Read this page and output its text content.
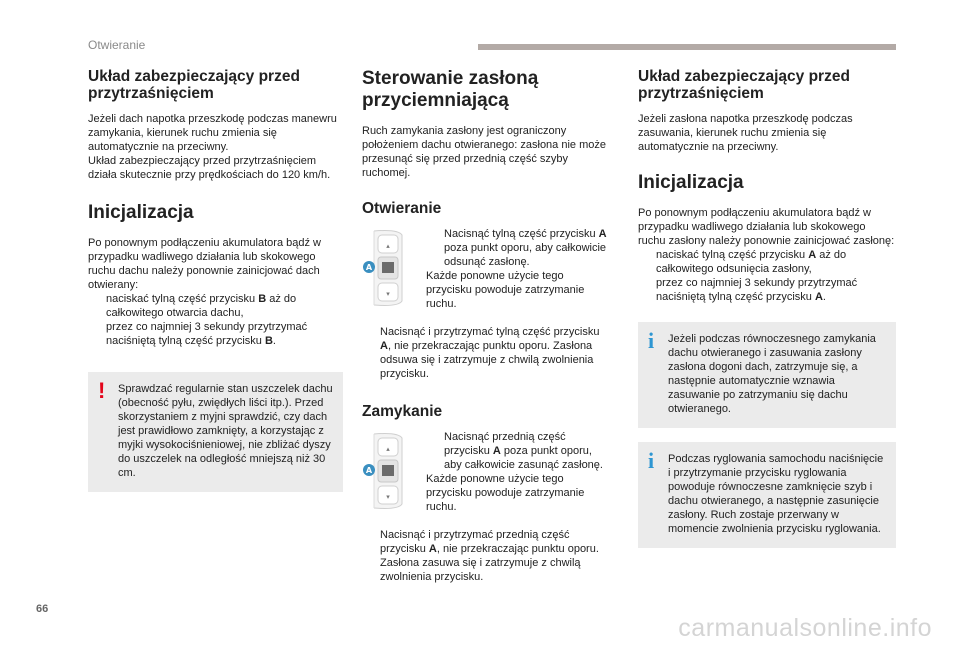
Otwieranie
Układ zabezpieczający przed przytrzaśnięciem

Jeżeli dach napotka przeszkodę podczas manewru zamykania, kierunek ruchu zmienia się automatycznie na przeciwny.

Układ zabezpieczający przed przytrzaśnięciem działa skutecznie przy prędkościach do 120 km/h.

Inicjalizacja

Po ponownym podłączeniu akumulatora bądź w przypadku wadliwego działania lub skokowego ruchu dachu należy ponownie zainicjować dach otwierany:

naciskać tylną część przycisku B aż do całkowitego otwarcia dachu,
przez co najmniej 3 sekundy przytrzymać naciśniętą tylną część przycisku B.
! Sprawdzać regularnie stan uszczelek dachu (obecność pyłu, zwiędłych liści itp.). Przed skorzystaniem z myjni sprawdzić, czy dach jest prawidłowo zamknięty, a korzystając z myjki wysokociśnieniowej, nie zbliżać dyszy do uszczelek na odległość mniejszą niż 30 cm.

Sterowanie zasłoną przyciemniającą

Ruch zamykania zasłony jest ograniczony położeniem dachu otwieranego: zasłona nie może przesunąć się przed przednią część szyby ruchomej.

Otwieranie
▴
▾
A
Nacisnąć tylną część przycisku A poza punkt oporu, aby całkowicie odsunąć zasłonę.

Każde ponowne użycie tego przycisku powoduje zatrzymanie ruchu.

Nacisnąć i przytrzymać tylną część przycisku A, nie przekraczając punktu oporu. Zasłona odsuwa się i zatrzymuje z chwilą zwolnienia przycisku.
Zamykanie
▴
▾
A
Nacisnąć przednią część przycisku A poza punkt oporu, aby całkowicie zasunąć zasłonę.

Każde ponowne użycie tego przycisku powoduje zatrzymanie ruchu.

Nacisnąć i przytrzymać przednią część przycisku A, nie przekraczając punktu oporu. Zasłona zasuwa się i zatrzymuje z chwilą zwolnienia przycisku.
Układ zabezpieczający przed przytrzaśnięciem

Jeżeli zasłona napotka przeszkodę podczas zasuwania, kierunek ruchu zmienia się automatycznie na przeciwny.

Inicjalizacja

Po ponownym podłączeniu akumulatora bądź w przypadku wadliwego działania lub skokowego ruchu zasłony należy ponownie zainicjować zasłonę:

naciskać tylną część przycisku A aż do całkowitego odsunięcia zasłony,
przez co najmniej 3 sekundy przytrzymać naciśniętą tylną część przycisku A.
i Jeżeli podczas równoczesnego zamykania dachu otwieranego i zasuwania zasłony zasłona dogoni dach, zatrzymuje się, a następnie automatycznie wznawia zasuwanie po zatrzymaniu się dachu otwieranego.

i Podczas ryglowania samochodu naciśnięcie i przytrzymanie przycisku ryglowania powoduje równoczesne zamknięcie szyb i dachu otwieranego, a następnie zasunięcie zasłony. Ruch zostaje przerwany w momencie zwolnienia przycisku ryglowania.

66
carmanualsonline.info
